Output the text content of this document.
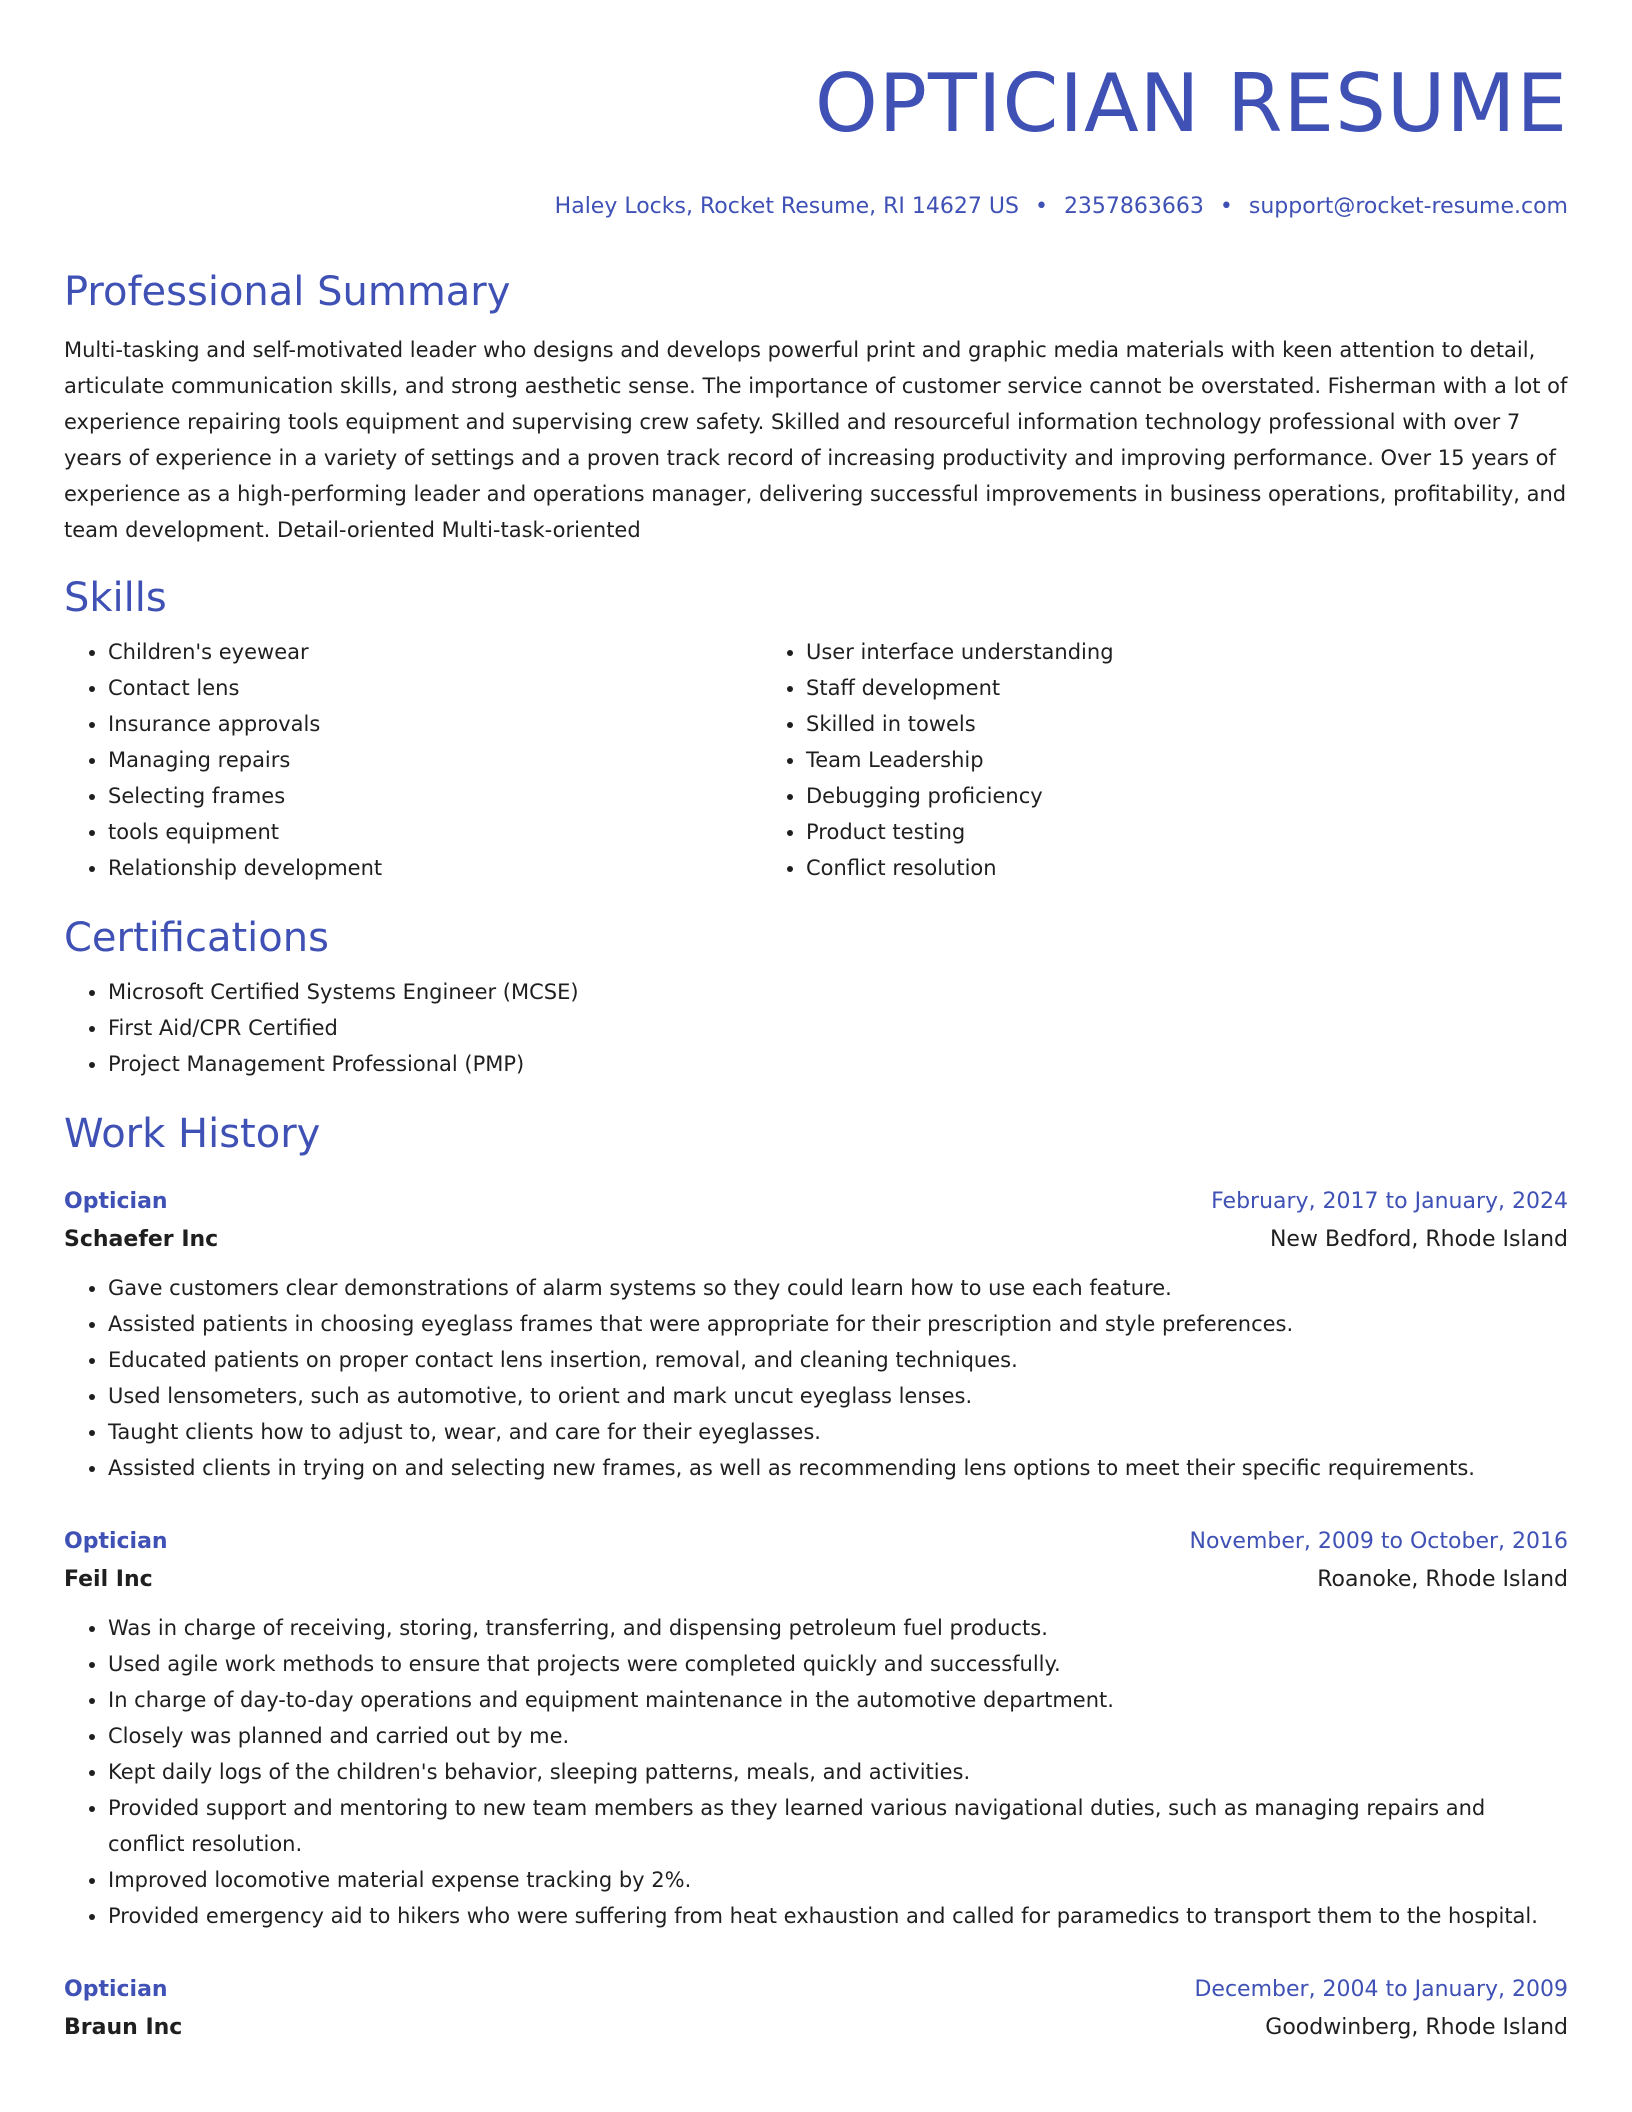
OPTICIAN RESUME
Haley Locks, Rocket Resume, RI 14627 US • 2357863663 • support@rocket-resume.com
Professional Summary

Multi-tasking and self-motivated leader who designs and develops powerful print and graphic media materials with keen attention to detail, articulate communication skills, and strong aesthetic sense. The importance of customer service cannot be overstated. Fisherman with a lot of experience repairing tools equipment and supervising crew safety. Skilled and resourceful information technology professional with over 7 years of experience in a variety of settings and a proven track record of increasing productivity and improving performance. Over 15 years of experience as a high-performing leader and operations manager, delivering successful improvements in business operations, profitability, and team development. Detail-oriented Multi-task-oriented

Skills
• Children's eyewear
• Contact lens
• Insurance approvals
• Managing repairs
• Selecting frames
• tools equipment
• Relationship development
• User interface understanding
• Staff development
• Skilled in towels
• Team Leadership
• Debugging proficiency
• Product testing
• Conflict resolution
Certifications
• Microsoft Certified Systems Engineer (MCSE)
• First Aid/CPR Certified
• Project Management Professional (PMP)
Work History
Optician	February, 2017 to January, 2024
Schaefer Inc	New Bedford, Rhode Island
• Gave customers clear demonstrations of alarm systems so they could learn how to use each feature.
• Assisted patients in choosing eyeglass frames that were appropriate for their prescription and style preferences.
• Educated patients on proper contact lens insertion, removal, and cleaning techniques.
• Used lensometers, such as automotive, to orient and mark uncut eyeglass lenses.
• Taught clients how to adjust to, wear, and care for their eyeglasses.
• Assisted clients in trying on and selecting new frames, as well as recommending lens options to meet their specific requirements.
Optician	November, 2009 to October, 2016
Feil Inc	Roanoke, Rhode Island
• Was in charge of receiving, storing, transferring, and dispensing petroleum fuel products.
• Used agile work methods to ensure that projects were completed quickly and successfully.
• In charge of day-to-day operations and equipment maintenance in the automotive department.
• Closely was planned and carried out by me.
• Kept daily logs of the children's behavior, sleeping patterns, meals, and activities.
• Provided support and mentoring to new team members as they learned various navigational duties, such as managing repairs and conflict resolution.
• Improved locomotive material expense tracking by 2%.
• Provided emergency aid to hikers who were suffering from heat exhaustion and called for paramedics to transport them to the hospital.
Optician	December, 2004 to January, 2009
Braun Inc	Goodwinberg, Rhode Island
